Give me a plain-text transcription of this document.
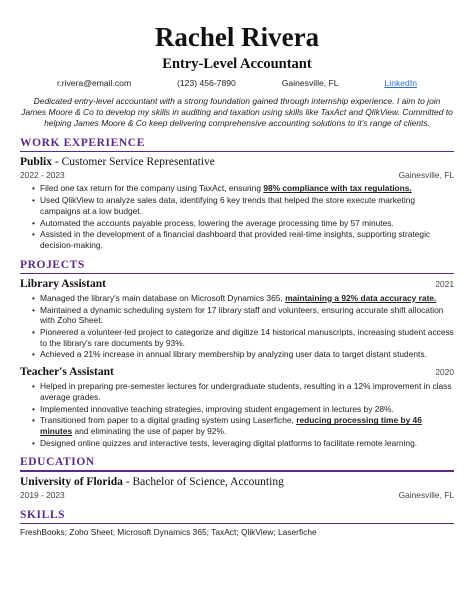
Rachel Rivera
Entry-Level Accountant
r.rivera@email.com	(123) 456-7890	Gainesville, FL	LinkedIn
Dedicated entry-level accountant with a strong foundation gained through internship experience. I aim to join James Moore & Co to develop my skills in auditing and taxation using skills like TaxAct and QlikView. Committed to helping James Moore & Co keep delivering comprehensive accounting solutions to it’s range of clients.
WORK EXPERIENCE
Publix - Customer Service Representative
2022 - 2023	Gainesville, FL
• Filed one tax return for the company using TaxAct, ensuring 98% compliance with tax regulations.
• Used QlikView to analyze sales data, identifying 6 key trends that helped the store execute marketing campaigns at a low budget.
• Automated the accounts payable process, lowering the average processing time by 57 minutes.
• Assisted in the development of a financial dashboard that provided real-time insights, supporting strategic decision-making.
PROJECTS
Library Assistant	2021
• Managed the library's main database on Microsoft Dynamics 365, maintaining a 92% data accuracy rate.
• Maintained a dynamic scheduling system for 17 library staff and volunteers, ensuring accurate shift allocation with Zoho Sheet.
• Pioneered a volunteer-led project to categorize and digitize 14 historical manuscripts, increasing student access to the library's rare documents by 93%.
• Achieved a 21% increase in annual library membership by analyzing user data to target distant students.
Teacher's Assistant	2020
• Helped in preparing pre-semester lectures for undergraduate students, resulting in a 12% improvement in class average grades.
• Implemented innovative teaching strategies, improving student engagement in lectures by 28%.
• Transitioned from paper to a digital grading system using Laserfiche, reducing processing time by 46 minutes and eliminating the use of paper by 92%.
• Designed online quizzes and interactive tests, leveraging digital platforms to facilitate remote learning.
EDUCATION
University of Florida - Bachelor of Science, Accounting
2019 - 2023	Gainesville, FL
SKILLS
FreshBooks; Zoho Sheet; Microsoft Dynamics 365; TaxAct; QlikView; Laserfiche
